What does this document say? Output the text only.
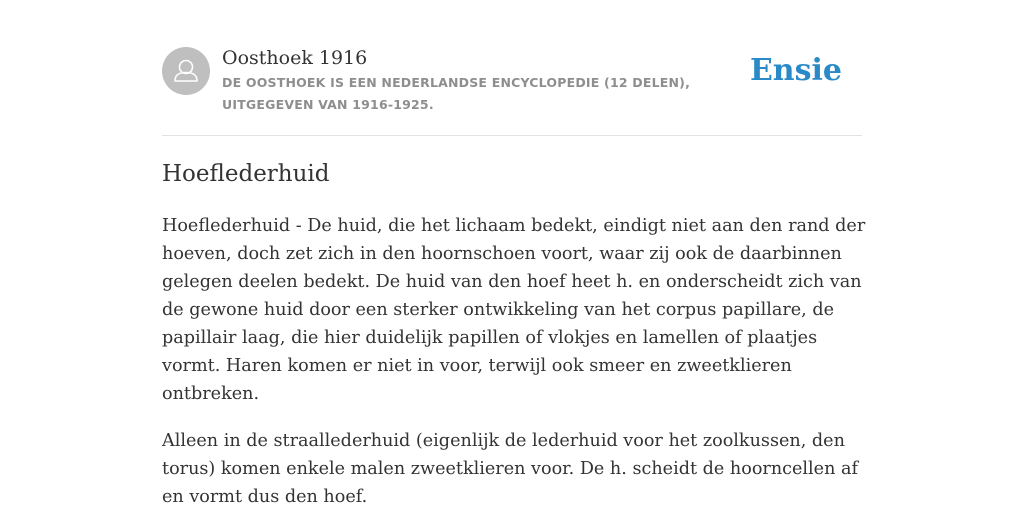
Oosthoek 1916
DE OOSTHOEK IS EEN NEDERLANDSE ENCYCLOPEDIE (12 DELEN), UITGEGEVEN VAN 1916-1925.
Ensie
Hoeflederhuid

Hoeflederhuid - De huid, die het lichaam bedekt, eindigt niet aan den rand der hoeven, doch zet zich in den hoornschoen voort, waar zij ook de daarbinnen gelegen deelen bedekt. De huid van den hoef heet h. en onderscheidt zich van de gewone huid door een sterker ontwikkeling van het corpus papillare, de papillair laag, die hier duidelijk papillen of vlokjes en lamellen of plaatjes vormt. Haren komen er niet in voor, terwijl ook smeer en zweetklieren ontbreken.

Alleen in de straallederhuid (eigenlijk de lederhuid voor het zoolkussen, den torus) komen enkele malen zweetklieren voor. De h. scheidt de hoorncellen af en vormt dus den hoef.
